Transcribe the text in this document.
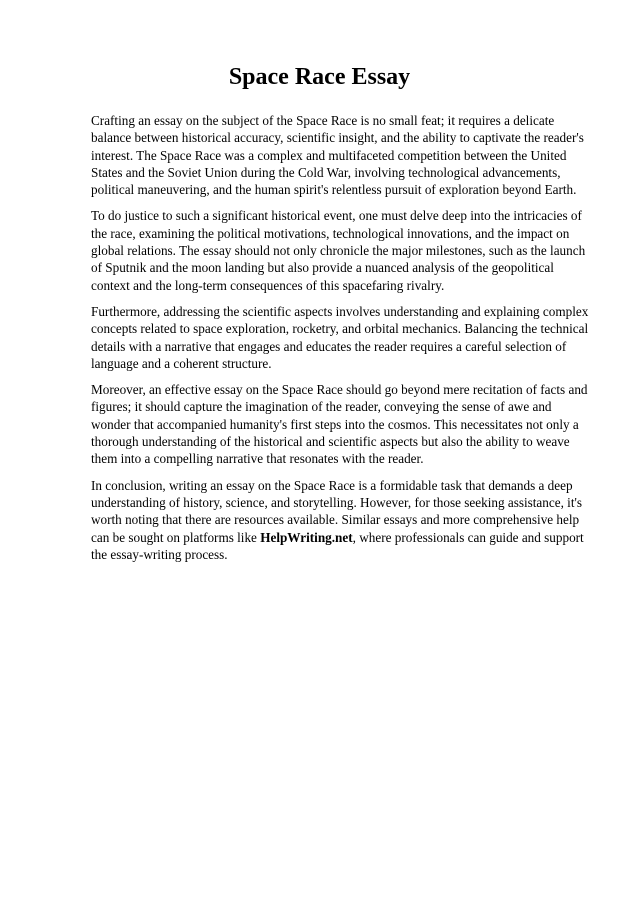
Space Race Essay

Crafting an essay on the subject of the Space Race is no small feat; it requires a delicate balance between historical accuracy, scientific insight, and the ability to captivate the reader's interest. The Space Race was a complex and multifaceted competition between the United States and the Soviet Union during the Cold War, involving technological advancements, political maneuvering, and the human spirit's relentless pursuit of exploration beyond Earth.

To do justice to such a significant historical event, one must delve deep into the intricacies of the race, examining the political motivations, technological innovations, and the impact on global relations. The essay should not only chronicle the major milestones, such as the launch of Sputnik and the moon landing but also provide a nuanced analysis of the geopolitical context and the long-term consequences of this spacefaring rivalry.

Furthermore, addressing the scientific aspects involves understanding and explaining complex concepts related to space exploration, rocketry, and orbital mechanics. Balancing the technical details with a narrative that engages and educates the reader requires a careful selection of language and a coherent structure.

Moreover, an effective essay on the Space Race should go beyond mere recitation of facts and figures; it should capture the imagination of the reader, conveying the sense of awe and wonder that accompanied humanity's first steps into the cosmos. This necessitates not only a thorough understanding of the historical and scientific aspects but also the ability to weave them into a compelling narrative that resonates with the reader.

In conclusion, writing an essay on the Space Race is a formidable task that demands a deep understanding of history, science, and storytelling. However, for those seeking assistance, it's worth noting that there are resources available. Similar essays and more comprehensive help can be sought on platforms like HelpWriting.net, where professionals can guide and support the essay-writing process.
